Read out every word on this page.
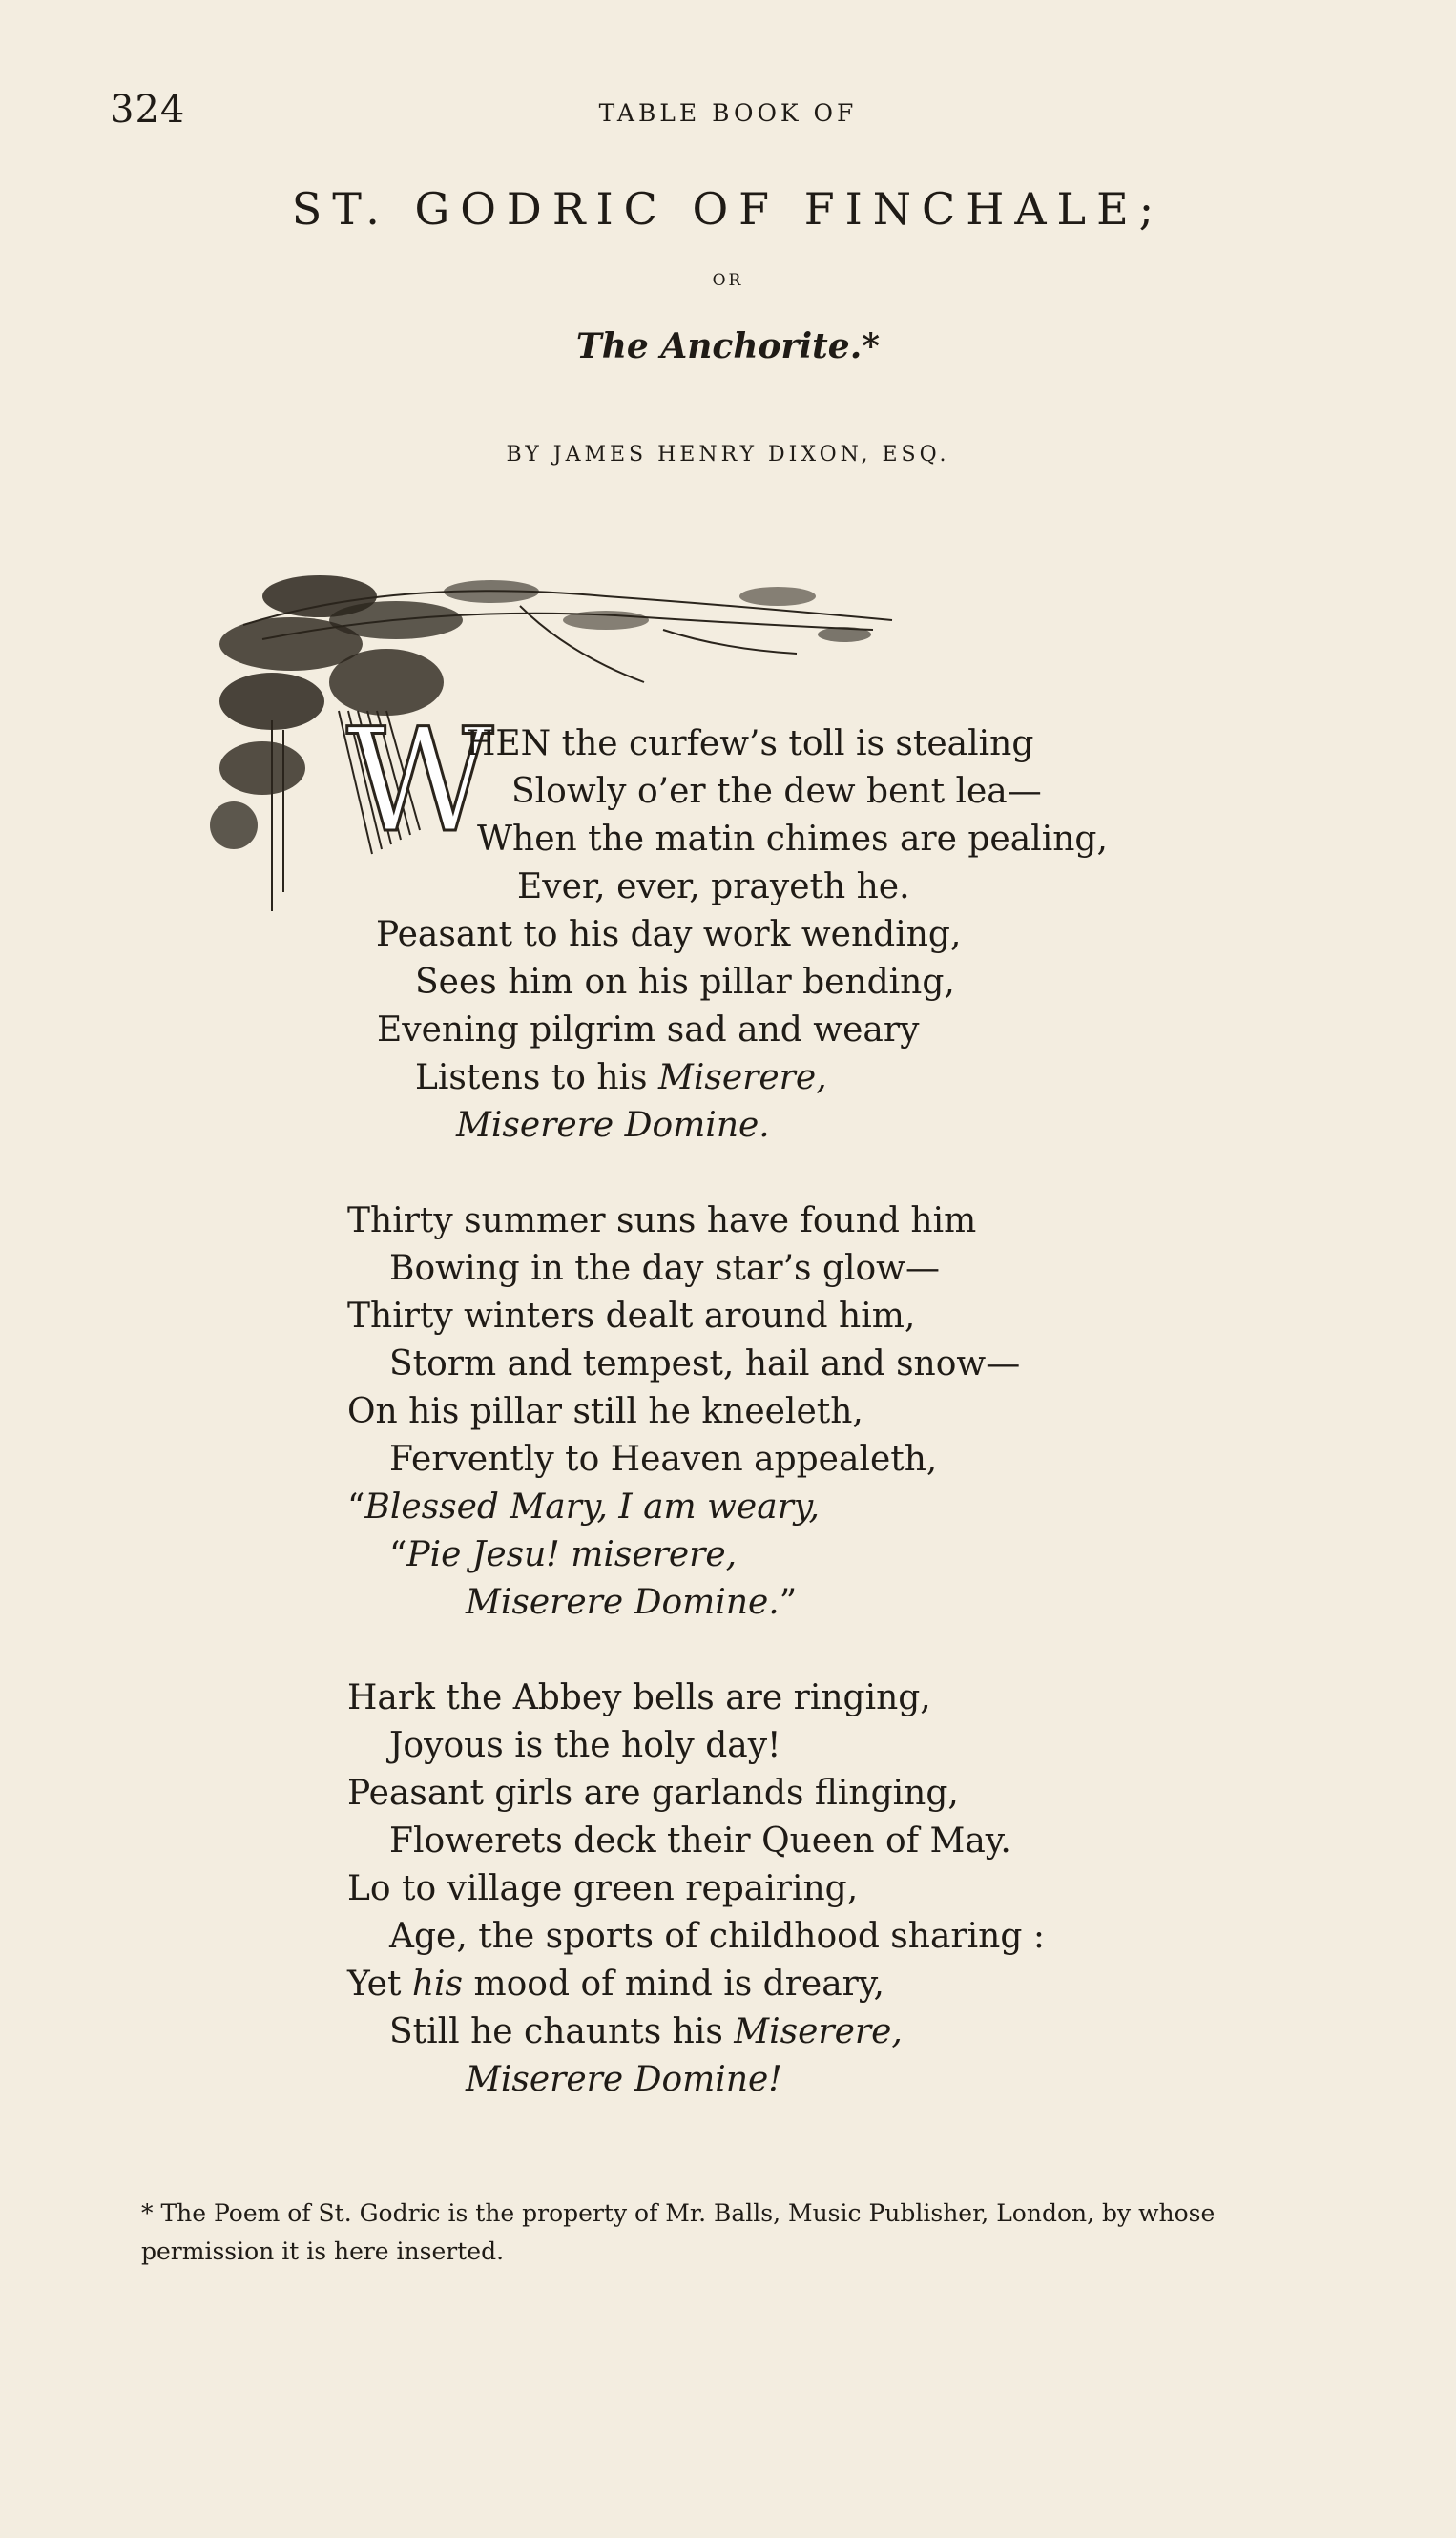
324	TABLE BOOK OF
ST. GODRIC OF FINCHALE;
OR
The Anchorite.*
BY JAMES HENRY DIXON, ESQ.
W
HEN the curfew’s toll is stealing
Slowly o’er the dew bent lea—
When the matin chimes are pealing,
Ever, ever, prayeth he.
Peasant to his day work wending,
Sees him on his pillar bending,
Evening pilgrim sad and weary
Listens to his Miserere,
Miserere Domine.
Thirty summer suns have found him
Bowing in the day star’s glow—
Thirty winters dealt around him,
Storm and tempest, hail and snow—
On his pillar still he kneeleth,
Fervently to Heaven appealeth,
“Blessed Mary, I am weary,
“Pie Jesu! miserere,
Miserere Domine.”
Hark the Abbey bells are ringing,
Joyous is the holy day!
Peasant girls are garlands flinging,
Flowerets deck their Queen of May.
Lo to village green repairing,
Age, the sports of childhood sharing :
Yet his mood of mind is dreary,
Still he chaunts his Miserere,
Miserere Domine!
* The Poem of St. Godric is the property of Mr. Balls, Music Publisher, London, by whose permission it is here inserted.
